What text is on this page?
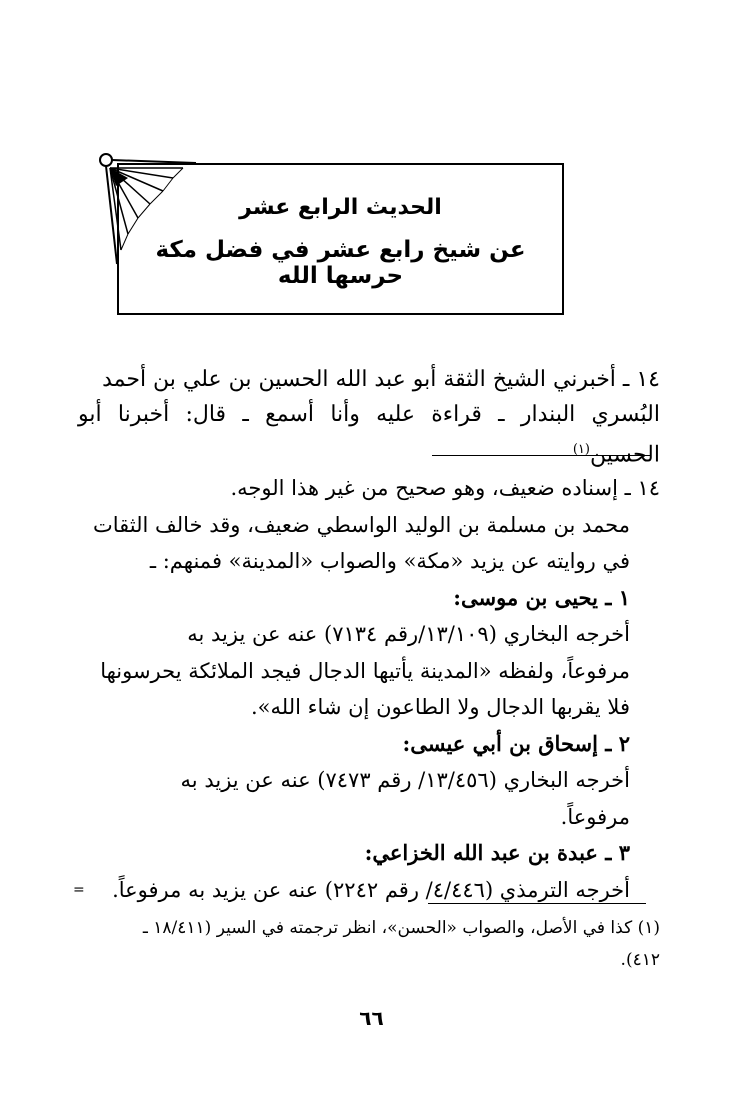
الحديث الرابع عشر
عن شيخ رابع عشر في فضل مكة حرسها الله

١٤ ـ أخبرني الشيخ الثقة أبو عبد الله الحسين بن علي بن أحمد

البُسري البندار ـ قراءة عليه وأنا أسمع ـ قال: أخبرنا أبو الحسين$^{(١)}$

١٤ ـ إسناده ضعيف، وهو صحيح من غير هذا الوجه.

محمد بن مسلمة بن الوليد الواسطي ضعيف، وقد خالف الثقات

في روايته عن يزيد «مكة» والصواب «المدينة» فمنهم: ـ

١ ـ يحيى بن موسى:

أخرجه البخاري (١٣/١٠٩/رقم ٧١٣٤) عنه عن يزيد به

مرفوعاً، ولفظه «المدينة يأتيها الدجال فيجد الملائكة يحرسونها

فلا يقربها الدجال ولا الطاعون إن شاء الله».

٢ ـ إسحاق بن أبي عيسى:

أخرجه البخاري (١٣/٤٥٦/ رقم ٧٤٧٣) عنه عن يزيد به

مرفوعاً.

٣ ـ عبدة بن عبد الله الخزاعي:

أخرجه الترمذي (٤/٤٤٦/ رقم ٢٢٤٢) عنه عن يزيد به مرفوعاً.

=

(١) كذا في الأصل، والصواب «الحسن»، انظر ترجمته في السير (١٨/٤١١ ـ

٤١٢).

٦٦
